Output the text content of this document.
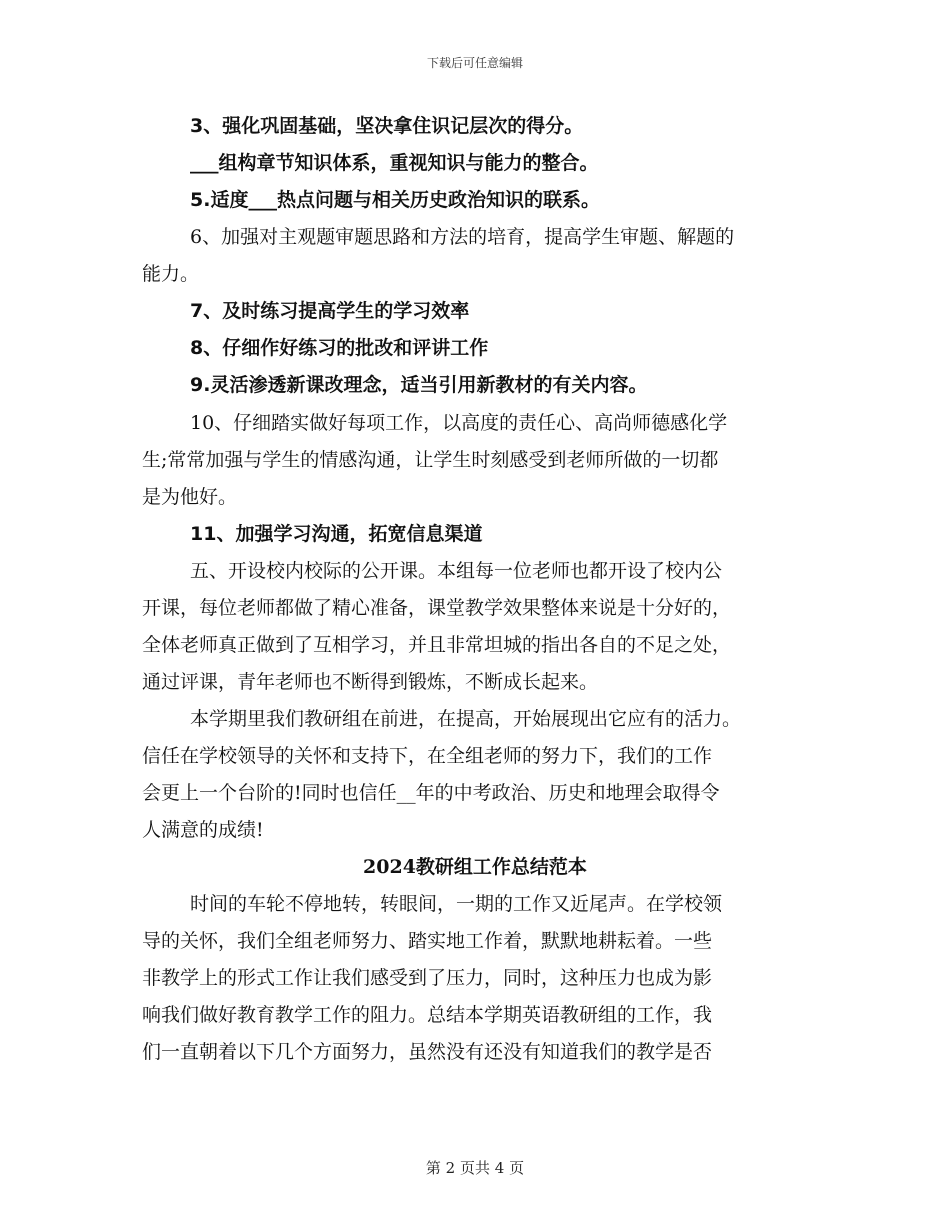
下载后可任意编辑
3、强化巩固基础，坚决拿住识记层次的得分。
___组构章节知识体系，重视知识与能力的整合。
5.适度___热点问题与相关历史政治知识的联系。
6、加强对主观题审题思路和方法的培育，提高学生审题、解题的
能力。
7、及时练习提高学生的学习效率
8、仔细作好练习的批改和评讲工作
9.灵活渗透新课改理念，适当引用新教材的有关内容。
10、仔细踏实做好每项工作，以高度的责任心、高尚师德感化学
生;常常加强与学生的情感沟通，让学生时刻感受到老师所做的一切都
是为他好。
11、加强学习沟通，拓宽信息渠道
五、开设校内校际的公开课。本组每一位老师也都开设了校内公
开课，每位老师都做了精心准备，课堂教学效果整体来说是十分好的，
全体老师真正做到了互相学习，并且非常坦城的指出各自的不足之处，
通过评课，青年老师也不断得到锻炼，不断成长起来。
本学期里我们教研组在前进，在提高，开始展现出它应有的活力。
信任在学校领导的关怀和支持下，在全组老师的努力下，我们的工作
会更上一个台阶的!同时也信任__年的中考政治、历史和地理会取得令
人满意的成绩!
2024教研组工作总结范本
时间的车轮不停地转，转眼间，一期的工作又近尾声。在学校领
导的关怀，我们全组老师努力、踏实地工作着，默默地耕耘着。一些
非教学上的形式工作让我们感受到了压力，同时，这种压力也成为影
响我们做好教育教学工作的阻力。总结本学期英语教研组的工作，我
们一直朝着以下几个方面努力，虽然没有还没有知道我们的教学是否
第 2 页共 4 页
